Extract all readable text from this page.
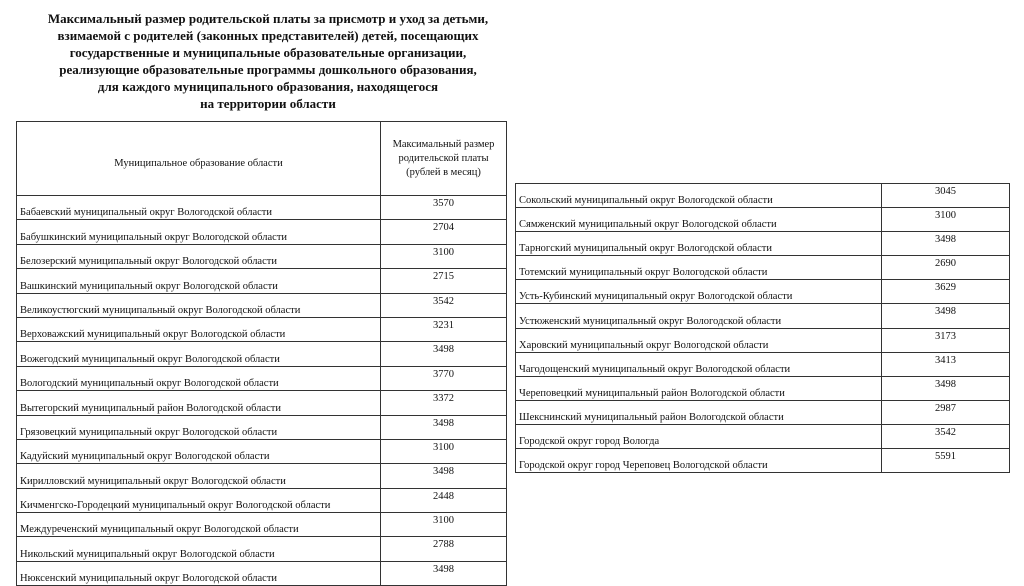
Максимальный размер родительской платы за присмотр и уход за детьми,
взимаемой с родителей (законных представителей) детей, посещающих
государственные и муниципальные образовательные организации,
реализующие образовательные программы дошкольного образования,
для каждого муниципального образования, находящегося
на территории области
Муниципальное образование области	Максимальный размер
родительской платы
(рублей в месяц)

Бабаевский муниципальный округ Вологодской области	3570
Бабушкинский муниципальный округ Вологодской области	2704
Белозерский муниципальный округ Вологодской области	3100
Вашкинский муниципальный округ Вологодской области	2715
Великоустюгский муниципальный округ Вологодской области	3542
Верховажский муниципальный округ Вологодской области	3231
Вожегодский муниципальный округ Вологодской области	3498
Вологодский муниципальный округ Вологодской области	3770
Вытегорский муниципальный район Вологодской области	3372
Грязовецкий муниципальный округ Вологодской области	3498
Кадуйский муниципальный округ Вологодской области	3100
Кирилловский муниципальный округ Вологодской области	3498
Кичменгско-Городецкий муниципальный округ Вологодской области	2448
Междуреченский муниципальный округ Вологодской области	3100
Никольский муниципальный округ Вологодской области	2788
Нюксенский муниципальный округ Вологодской области	3498
Сокольский муниципальный округ Вологодской области	3045
Сямженский муниципальный округ Вологодской области	3100
Тарногский муниципальный округ Вологодской области	3498
Тотемский муниципальный округ Вологодской области	2690
Усть-Кубинский муниципальный округ Вологодской области	3629
Устюженский муниципальный округ Вологодской области	3498
Харовский муниципальный округ Вологодской области	3173
Чагодощенский муниципальный округ Вологодской области	3413
Череповецкий муниципальный район Вологодской области	3498
Шекснинский муниципальный район Вологодской области	2987
Городской округ город Вологда	3542
Городской округ город Череповец Вологодской области	5591
